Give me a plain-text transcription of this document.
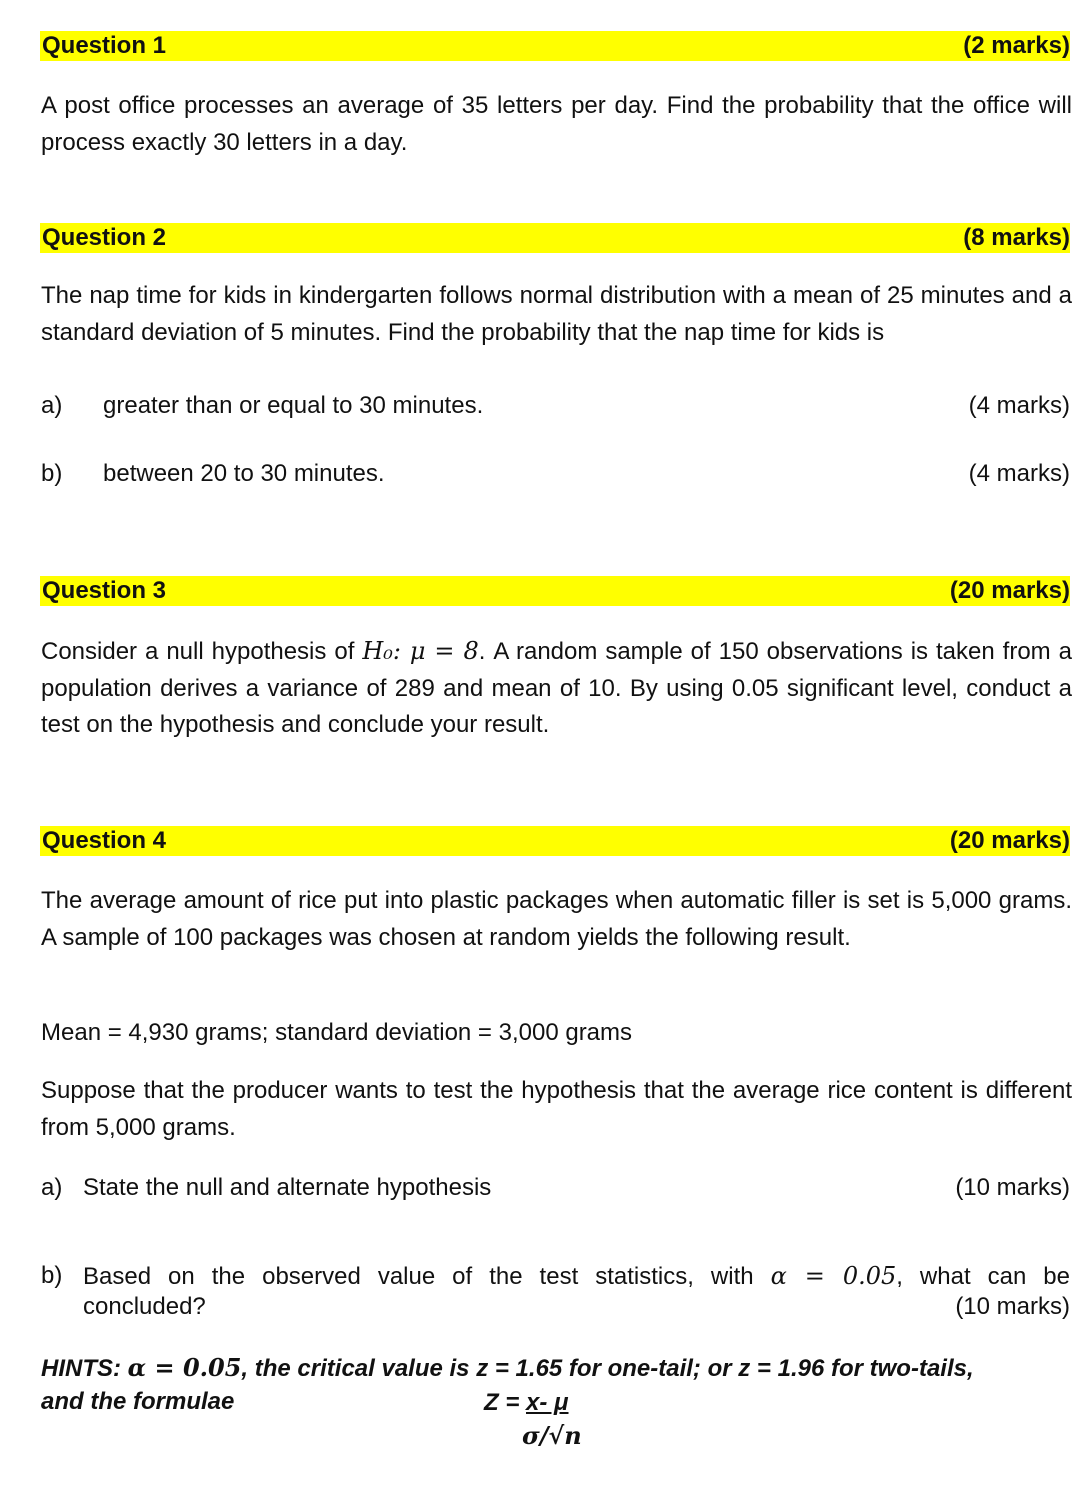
Question 1	(2 marks)
A post office processes an average of 35 letters per day. Find the probability that the office will process exactly 30 letters in a day.
Question 2	(8 marks)
The nap time for kids in kindergarten follows normal distribution with a mean of 25 minutes and a standard deviation of 5 minutes. Find the probability that the nap time for kids is
a) greater than or equal to 30 minutes.	(4 marks)
b) between 20 to 30 minutes.	(4 marks)
Question 3	(20 marks)
Consider a null hypothesis of H₀: μ = 8. A random sample of 150 observations is taken from a population derives a variance of 289 and mean of 10. By using 0.05 significant level, conduct a test on the hypothesis and conclude your result.
Question 4	(20 marks)
The average amount of rice put into plastic packages when automatic filler is set is 5,000 grams. A sample of 100 packages was chosen at random yields the following result.
Mean = 4,930 grams; standard deviation = 3,000 grams
Suppose that the producer wants to test the hypothesis that the average rice content is different from 5,000 grams.
a) State the null and alternate hypothesis	(10 marks)
b) Based on the observed value of the test statistics, with α = 0.05, what can be
concluded?	(10 marks)
HINTS: α = 0.05, the critical value is z = 1.65 for one-tail; or z = 1.96 for two-tails,
and the formulae	Z = x- μ
σ/√n
